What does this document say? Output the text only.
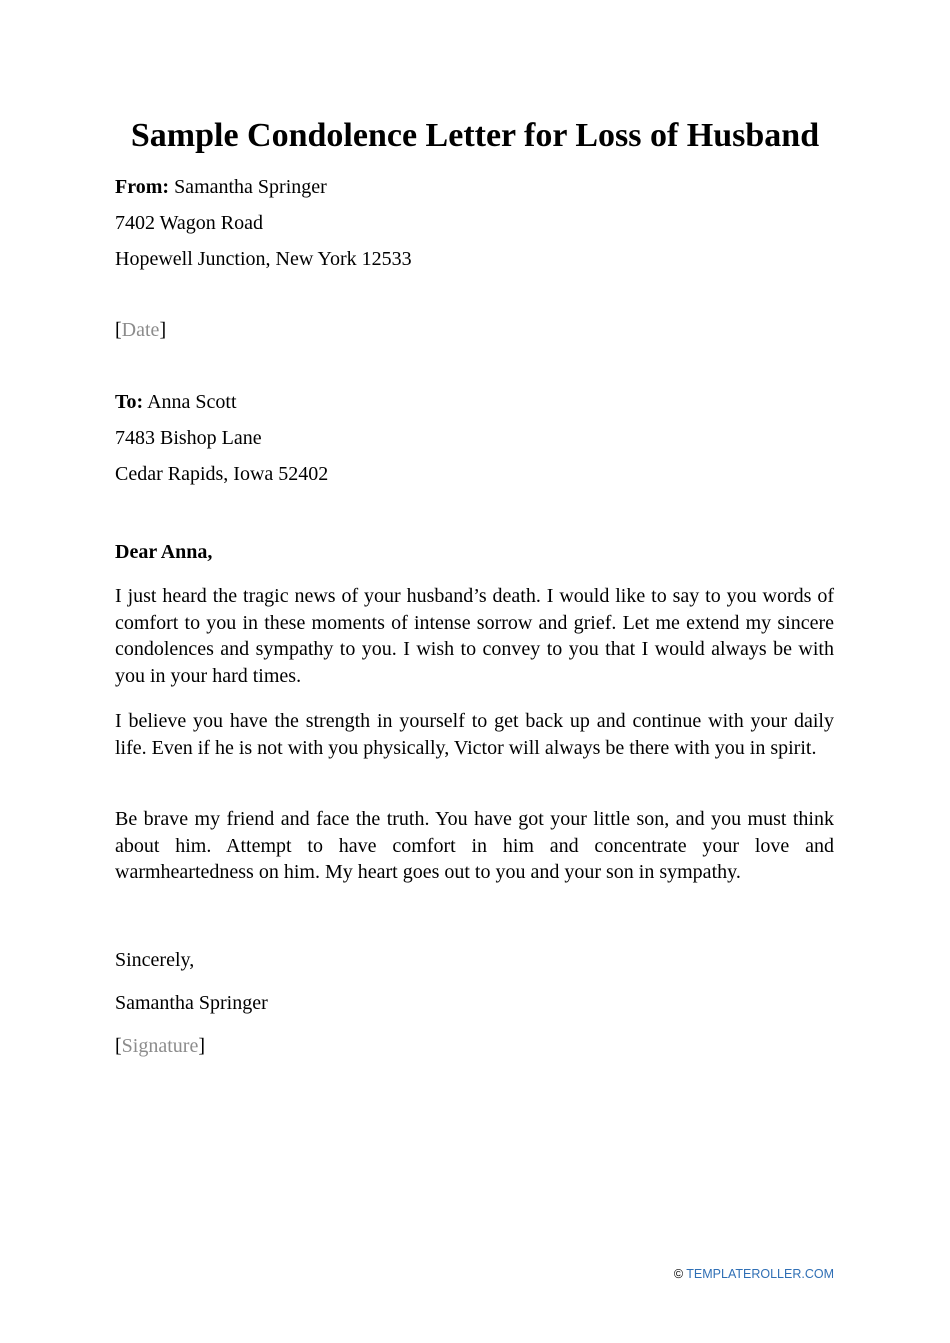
Sample Condolence Letter for Loss of Husband
From: Samantha Springer
7402 Wagon Road
Hopewell Junction, New York 12533
[Date]
To: Anna Scott
7483 Bishop Lane
Cedar Rapids, Iowa 52402
Dear Anna,

I just heard the tragic news of your husband’s death. I would like to say to you words of comfort to you in these moments of intense sorrow and grief. Let me extend my sincere condolences and sympathy to you. I wish to convey to you that I would always be with you in your hard times.

I believe you have the strength in yourself to get back up and continue with your daily life. Even if he is not with you physically, Victor will always be there with you in spirit.

Be brave my friend and face the truth. You have got your little son, and you must think about him. Attempt to have comfort in him and concentrate your love and warmheartedness on him. My heart goes out to you and your son in sympathy.

Sincerely,
Samantha Springer
[Signature]
© TEMPLATEROLLER.COM
